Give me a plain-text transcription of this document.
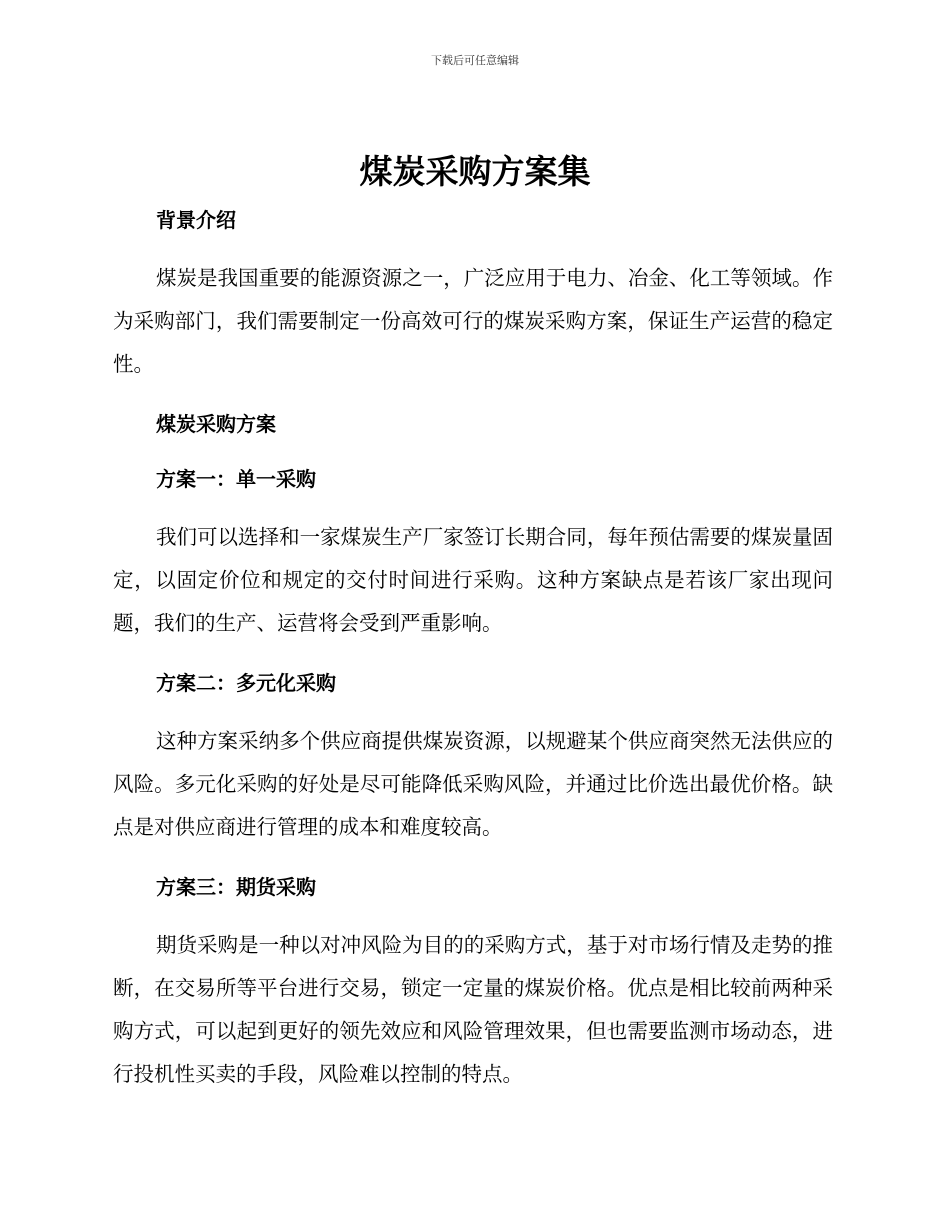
下载后可任意编辑
煤炭采购方案集
背景介绍

煤炭是我国重要的能源资源之一，广泛应用于电力、冶金、化工等领域。作为采购部门，我们需要制定一份高效可行的煤炭采购方案，保证生产运营的稳定性。

煤炭采购方案
方案一：单一采购

我们可以选择和一家煤炭生产厂家签订长期合同，每年预估需要的煤炭量固定，以固定价位和规定的交付时间进行采购。这种方案缺点是若该厂家出现问题，我们的生产、运营将会受到严重影响。

方案二：多元化采购

这种方案采纳多个供应商提供煤炭资源，以规避某个供应商突然无法供应的风险。多元化采购的好处是尽可能降低采购风险，并通过比价选出最优价格。缺点是对供应商进行管理的成本和难度较高。

方案三：期货采购

期货采购是一种以对冲风险为目的的采购方式，基于对市场行情及走势的推断，在交易所等平台进行交易，锁定一定量的煤炭价格。优点是相比较前两种采购方式，可以起到更好的领先效应和风险管理效果，但也需要监测市场动态，进行投机性买卖的手段，风险难以控制的特点。
